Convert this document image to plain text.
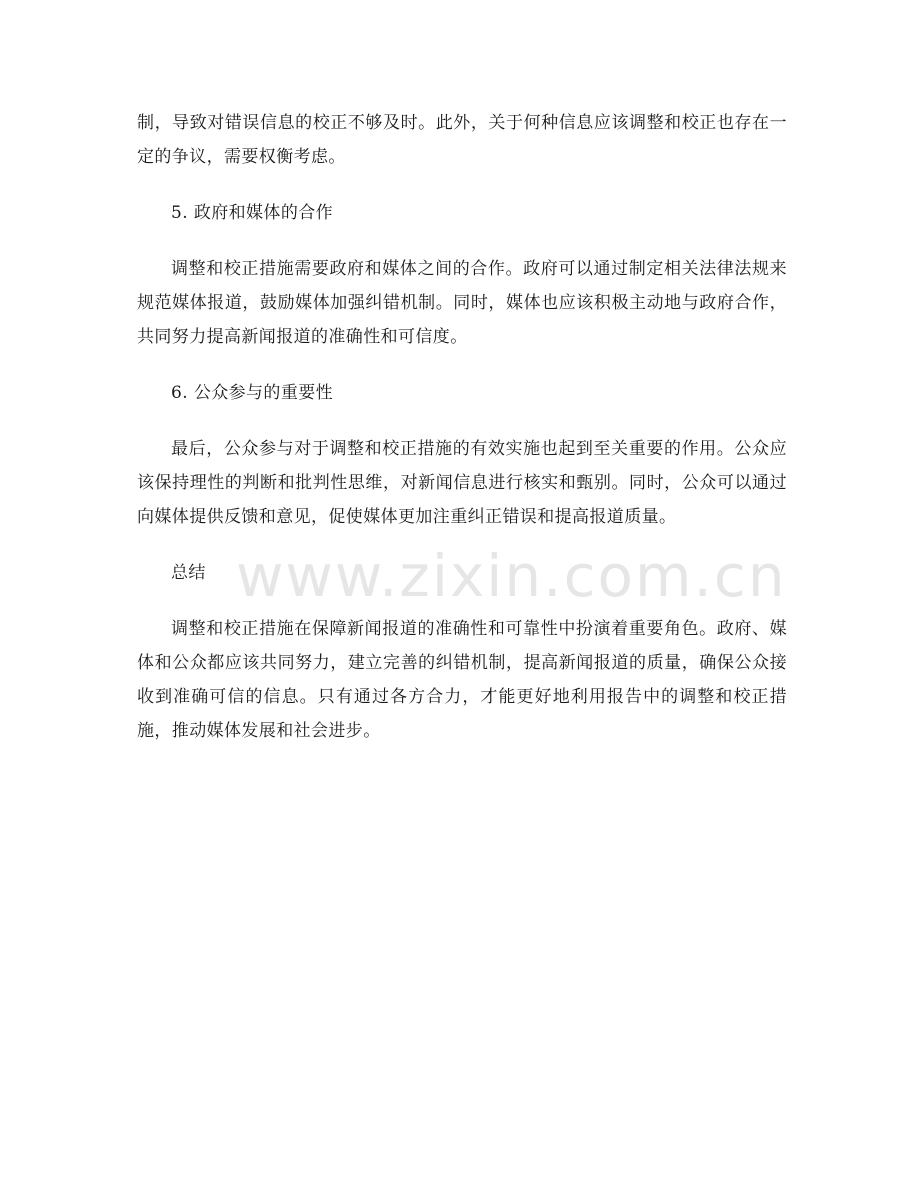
制，导致对错误信息的校正不够及时。此外，关于何种信息应该调整和校正也存在一定的争议，需要权衡考虑。

5. 政府和媒体的合作

调整和校正措施需要政府和媒体之间的合作。政府可以通过制定相关法律法规来规范媒体报道，鼓励媒体加强纠错机制。同时，媒体也应该积极主动地与政府合作，共同努力提高新闻报道的准确性和可信度。

6. 公众参与的重要性

最后，公众参与对于调整和校正措施的有效实施也起到至关重要的作用。公众应该保持理性的判断和批判性思维，对新闻信息进行核实和甄别。同时，公众可以通过向媒体提供反馈和意见，促使媒体更加注重纠正错误和提高报道质量。

总结

调整和校正措施在保障新闻报道的准确性和可靠性中扮演着重要角色。政府、媒体和公众都应该共同努力，建立完善的纠错机制，提高新闻报道的质量，确保公众接收到准确可信的信息。只有通过各方合力，才能更好地利用报告中的调整和校正措施，推动媒体发展和社会进步。

www.zixin.com.cn
